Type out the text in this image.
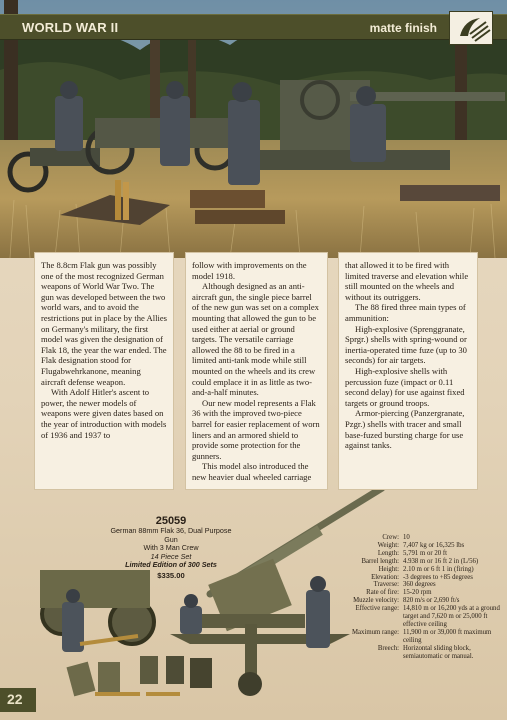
WORLD WAR II	matte finish

The 8.8cm Flak gun was possibly one of the most recognized German weapons of World War Two. The gun was developed between the two world wars, and to avoid the restrictions put in place by the Allies on Germany's military, the first model was given the designation of Flak 18, the year the war ended. The Flak designation stood for Flugabwehrkanone, meaning aircraft defense weapon.

With Adolf Hitler's ascent to power, the newer models of weapons were given dates based on the year of introduction with models of 1936 and 1937 to

follow with improvements on the model 1918.

Although designed as an anti-aircraft gun, the single piece barrel of the new gun was set on a complex mounting that allowed the gun to be used either at aerial or ground targets. The versatile carriage allowed the 88 to be fired in a limited anti-tank mode while still mounted on the wheels and its crew could emplace it in as little as two-and-a-half minutes.

Our new model represents a Flak 36 with the improved two-piece barrel for easier replacement of worn liners and an armored shield to provide some protection for the gunners.

This model also introduced the new heavier dual wheeled carriage

that allowed it to be fired with limited traverse and elevation while still mounted on the wheels and without its outriggers.

The 88 fired three main types of ammunition:

High-explosive (Sprenggranate, Sprgr.) shells with spring-wound or inertia-operated time fuze (up to 30 seconds) for air targets.

High-explosive shells with percussion fuze (impact or 0.11 second delay) for use against fixed targets or ground troops.

Armor-piercing (Panzergranate, Pzgr.) shells with tracer and small base-fuzed bursting charge for use against tanks.

25059
German 88mm Flak 36, Dual Purpose Gun
With 3 Man Crew
14 Piece Set
Limited Edition of 300 Sets
$335.00
Crew: 10
Weight: 7,407 kg or 16,325 lbs
Length: 5,791 m or 20 ft
Barrel length: 4.938 m or 16 ft 2 in (L/56)
Height: 2.10 m or 6 ft 1 in (firing)
Elevation: -3 degrees to +85 degrees
Traverse: 360 degrees
Rate of fire: 15-20 rpm
Muzzle velocity: 820 m/s or 2,690 ft/s
Effective range: 14,810 m or 16,200 yds at a ground target and 7,620 m or 25,000 ft effective ceiling
Maximum range: 11,900 m or 39,000 ft maximum ceiling
Breech: Horizontal sliding block, semiautomatic or manual.
22
